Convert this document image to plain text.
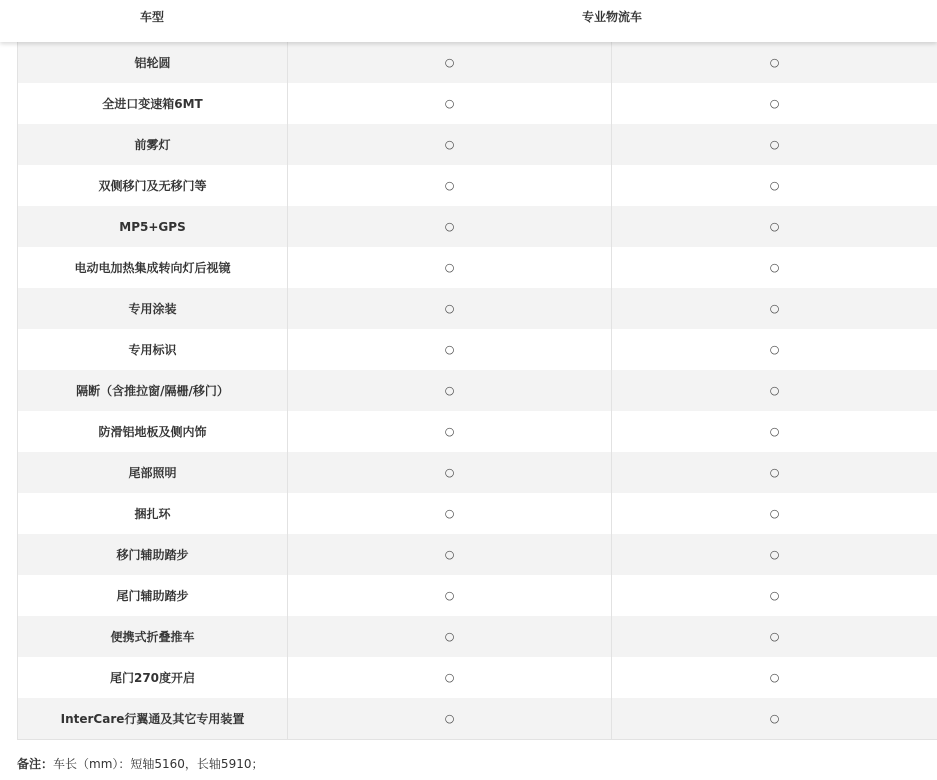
车型	专业物流车
铝轮圆	○	○
全进口变速箱6MT	○	○
前雾灯	○	○
双侧移门及无移门等	○	○
MP5+GPS	○	○
电动电加热集成转向灯后视镜	○	○
专用涂装	○	○
专用标识	○	○
隔断（含推拉窗/隔栅/移门）	○	○
防滑铝地板及侧内饰	○	○
尾部照明	○	○
捆扎环	○	○
移门辅助踏步	○	○
尾门辅助踏步	○	○
便携式折叠推车	○	○
尾门270度开启	○	○
InterCare行翼通及其它专用装置	○	○
备注：车长（mm）：短轴5160，长轴5910；
